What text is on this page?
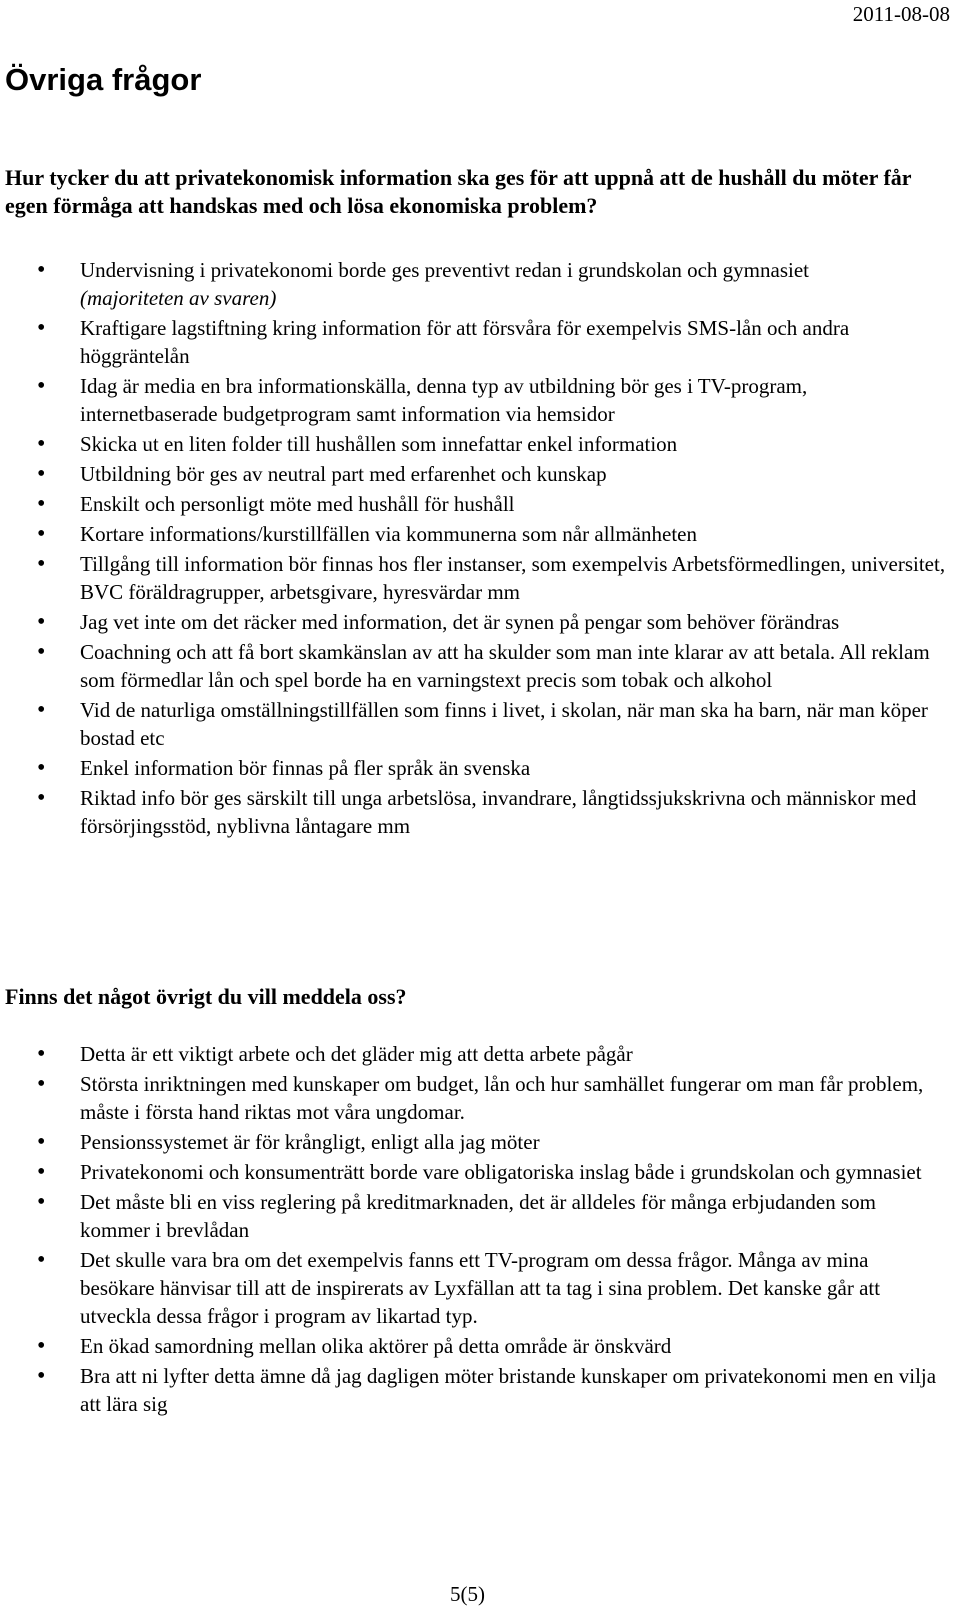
2011-08-08
Övriga frågor

Hur tycker du att privatekonomisk information ska ges för att uppnå att de hushåll du möter får egen förmåga att handskas med och lösa ekonomiska problem?

• Undervisning i privatekonomi borde ges preventivt redan i grundskolan och gymnasiet
(majoriteten av svaren)
• Kraftigare lagstiftning kring information för att försvåra för exempelvis SMS-lån och andra höggräntelån
• Idag är media en bra informationskälla, denna typ av utbildning bör ges i TV-program, internetbaserade budgetprogram samt information via hemsidor
• Skicka ut en liten folder till hushållen som innefattar enkel information
• Utbildning bör ges av neutral part med erfarenhet och kunskap
• Enskilt och personligt möte med hushåll för hushåll
• Kortare informations/kurstillfällen via kommunerna som når allmänheten
• Tillgång till information bör finnas hos fler instanser, som exempelvis Arbetsförmedlingen, universitet, BVC föräldragrupper, arbetsgivare, hyresvärdar mm
• Jag vet inte om det räcker med information, det är synen på pengar som behöver förändras
• Coachning och att få bort skamkänslan av att ha skulder som man inte klarar av att betala. All reklam som förmedlar lån och spel borde ha en varningstext precis som tobak och alkohol
• Vid de naturliga omställningstillfällen som finns i livet, i skolan, när man ska ha barn, när man köper bostad etc
• Enkel information bör finnas på fler språk än svenska
• Riktad info bör ges särskilt till unga arbetslösa, invandrare, långtidssjukskrivna och människor med försörjingsstöd, nyblivna låntagare mm

Finns det något övrigt du vill meddela oss?

• Detta är ett viktigt arbete och det gläder mig att detta arbete pågår
• Största inriktningen med kunskaper om budget, lån och hur samhället fungerar om man får problem, måste i första hand riktas mot våra ungdomar.
• Pensionssystemet är för krångligt, enligt alla jag möter
• Privatekonomi och konsumenträtt borde vare obligatoriska inslag både i grundskolan och gymnasiet
• Det måste bli en viss reglering på kreditmarknaden, det är alldeles för många erbjudanden som kommer i brevlådan
• Det skulle vara bra om det exempelvis fanns ett TV-program om dessa frågor. Många av mina besökare hänvisar till att de inspirerats av Lyxfällan att ta tag i sina problem. Det kanske går att utveckla dessa frågor i program av likartad typ.
• En ökad samordning mellan olika aktörer på detta område är önskvärd
• Bra att ni lyfter detta ämne då jag dagligen möter bristande kunskaper om privatekonomi men en vilja att lära sig
5(5)
